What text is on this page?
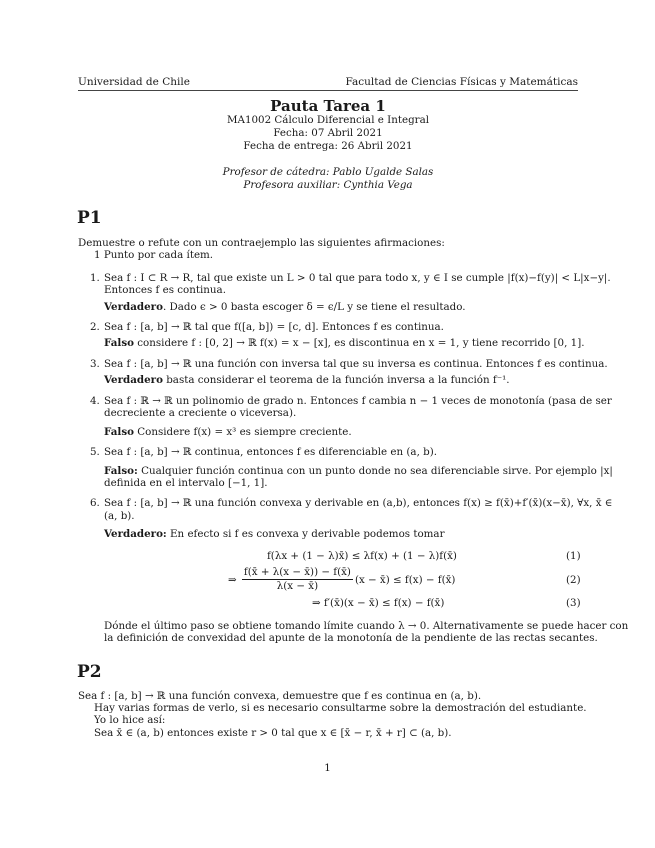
Universidad de Chile	Facultad de Ciencias Físicas y Matemáticas
Pauta Tarea 1
MA1002 Cálculo Diferencial e Integral
Fecha: 07 Abril 2021
Fecha de entrega: 26 Abril 2021
Profesor de cátedra: Pablo Ugalde Salas
Profesora auxiliar: Cynthia Vega
P1
Demuestre o refute con un contraejemplo las siguientes afirmaciones:
1 Punto por cada ítem.
1. Sea f : I ⊂ R → R, tal que existe un L > 0 tal que para todo x, y ∈ I se cumple |f(x)−f(y)| < L|x−y|.
Entonces f es continua.
Verdadero. Dado ϵ > 0 basta escoger δ = ϵ/L y se tiene el resultado.
2. Sea f : [a, b] → ℝ tal que f([a, b]) = [c, d]. Entonces f es continua.
Falso considere f : [0, 2] → ℝ f(x) = x − [x], es discontinua en x = 1, y tiene recorrido [0, 1].
3. Sea f : [a, b] → ℝ una función con inversa tal que su inversa es continua. Entonces f es continua.
Verdadero basta considerar el teorema de la función inversa a la función f⁻¹.
4. Sea f : ℝ → ℝ un polinomio de grado n. Entonces f cambia n − 1 veces de monotonía (pasa de ser
decreciente a creciente o viceversa).
Falso Considere f(x) = x³ es siempre creciente.
5. Sea f : [a, b] → ℝ continua, entonces f es diferenciable en (a, b).
Falso: Cualquier función continua con un punto donde no sea diferenciable sirve. Por ejemplo |x|
definida en el intervalo [−1, 1].
6. Sea f : [a, b] → ℝ una función convexa y derivable en (a,b), entonces f(x) ≥ f(x̄)+f′(x̄)(x−x̄), ∀x, x̄ ∈
(a, b).
Verdadero: En efecto si f es convexa y derivable podemos tomar
f(λx + (1 − λ)x̄) ≤ λf(x) + (1 − λ)f(x̄)	(1)
⇒ $\frac{f(x̄ + \lambda(x - x̄)) - f(x̄)}{\lambda(x - x̄)} (x$ − x̄) ≤ f(x) − f(x̄)	(2)
⇒ f′(x̄)(x − x̄) ≤ f(x) − f(x̄)	(3)
Dónde el último paso se obtiene tomando límite cuando λ → 0. Alternativamente se puede hacer con
la definición de convexidad del apunte de la monotonía de la pendiente de las rectas secantes.
P2
Sea f : [a, b] → ℝ una función convexa, demuestre que f es continua en (a, b).
Hay varias formas de verlo, si es necesario consultarme sobre la demostración del estudiante.
Yo lo hice así:
Sea x̄ ∈ (a, b) entonces existe r > 0 tal que x ∈ [x̄ − r, x̄ + r] ⊂ (a, b).
1
